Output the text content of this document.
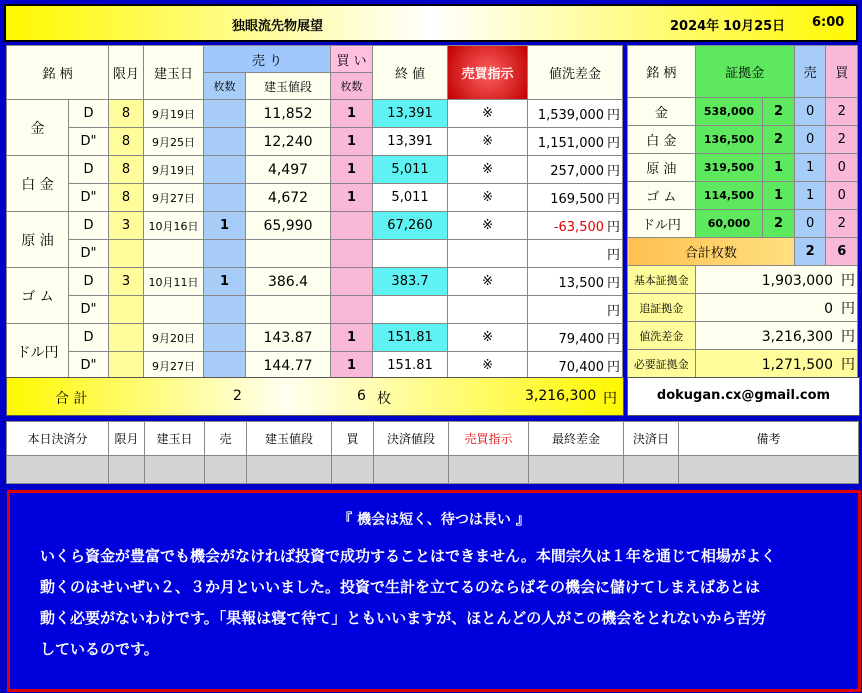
独眼流先物展望	2024年 10月25日 6:00
銘 柄		限月	建玉日	売 り		買 い	終 値	売買指示	値洗差金
				枚数	建玉値段	枚数			
金	D	8	9月19日		11,852	1	13,391	※	1,539,000 円
	D"	8	9月25日		12,240	1	13,391	※	1,151,000 円
白 金	D	8	9月19日		4,497	1	5,011	※	257,000 円
	D"	8	9月27日		4,672	1	5,011	※	169,500 円
原 油	D	3	10月16日	1	65,990		67,260	※	-63,500 円
	D"								円
ゴ ム	D	3	10月11日	1	386.4		383.7	※	13,500 円
	D"								円
ドル円	D		9月20日		143.87	1	151.81	※	79,400 円
	D"		9月27日		144.77	1	151.81	※	70,400 円
合 計	2	6 枚	3,216,300 円
銘 柄	証拠金		売	買
金	538,000	2	0	2
白 金	136,500	2	0	2
原 油	319,500	1	1	0
ゴ ム	114,500	1	1	0
ドル円	60,000	2	0	2
合計枚数			2	6
基本証拠金	1,903,000 円			
追証拠金	0 円			
値洗差金	3,216,300 円			
必要証拠金	1,271,500 円			
dokugan.cx@gmail.com
本日決済分	限月	建玉日	売	建玉値段	買	決済値段	売買指示	最終差金	決済日	備考

『 機会は短く、待つは長い 』
いくら資金が豊富でも機会がなければ投資で成功することはできません。本間宗久は１年を通じて相場がよく
動くのはせいぜい２、３か月といいました。投資で生計を立てるのならばその機会に儲けてしまえばあとは
動く必要がないわけです。「果報は寝て待て」ともいいますが、ほとんどの人がこの機会をとれないから苦労
しているのです。
